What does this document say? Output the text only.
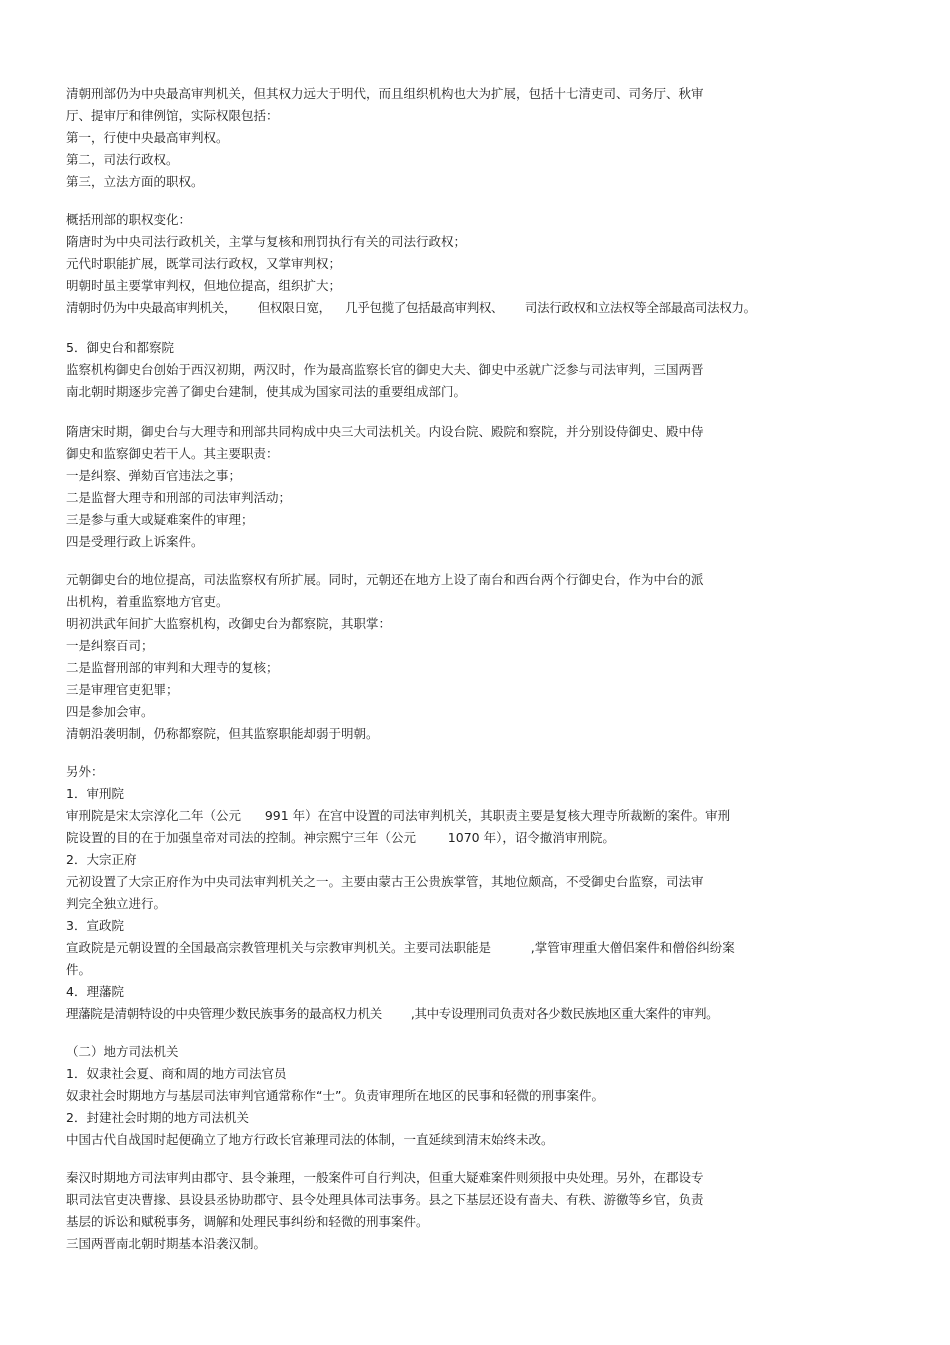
清朝刑部仍为中央最高审判机关，但其权力远大于明代，而且组织机构也大为扩展，包括十七清吏司、司务厅、秋审

厅、提审厅和律例馆，实际权限包括：

第一，行使中央最高审判权。

第二，司法行政权。

第三，立法方面的职权。

概括刑部的职权变化：

隋唐时为中央司法行政机关，主掌与复核和刑罚执行有关的司法行政权；

元代时职能扩展，既掌司法行政权，又掌审判权；

明朝时虽主要掌审判权，但地位提高，组织扩大；

清朝时仍为中央最高审判机关，      但权限日宽，    几乎包揽了包括最高审判权、      司法行政权和立法权等全部最高司法权力。

5．御史台和都察院

监察机构御史台创始于西汉初期，两汉时，作为最高监察长官的御史大夫、御史中丞就广泛参与司法审判，三国两晋

南北朝时期逐步完善了御史台建制，使其成为国家司法的重要组成部门。

隋唐宋时期，御史台与大理寺和刑部共同构成中央三大司法机关。内设台院、殿院和察院，并分别设侍御史、殿中侍

御史和监察御史若干人。其主要职责：

一是纠察、弹劾百官违法之事；

二是监督大理寺和刑部的司法审判活动；

三是参与重大或疑难案件的审理；

四是受理行政上诉案件。

元朝御史台的地位提高，司法监察权有所扩展。同时，元朝还在地方上设了南台和西台两个行御史台，作为中台的派

出机构，着重监察地方官吏。

明初洪武年间扩大监察机构，改御史台为都察院，其职掌：

一是纠察百司；

二是监督刑部的审判和大理寺的复核；

三是审理官吏犯罪；

四是参加会审。

清朝沿袭明制，仍称都察院，但其监察职能却弱于明朝。

另外：

1．审刑院

审刑院是宋太宗淳化二年（公元      991 年）在宫中设置的司法审判机关，其职责主要是复核大理寺所裁断的案件。审刑

院设置的目的在于加强皇帝对司法的控制。神宗熙宁三年（公元        1070 年），诏令撤消审刑院。

2．大宗正府

元初设置了大宗正府作为中央司法审判机关之一。主要由蒙古王公贵族掌管，其地位颇高，不受御史台监察，司法审

判完全独立进行。

3．宣政院

宣政院是元朝设置的全国最高宗教管理机关与宗教审判机关。主要司法职能是          ,掌管审理重大僧侣案件和僧俗纠纷案

件。

4．理藩院

理藩院是清朝特设的中央管理少数民族事务的最高权力机关        ,其中专设理刑司负责对各少数民族地区重大案件的审判。

（二）地方司法机关

1．奴隶社会夏、商和周的地方司法官员

奴隶社会时期地方与基层司法审判官通常称作“士”。负责审理所在地区的民事和轻微的刑事案件。

2．封建社会时期的地方司法机关

中国古代自战国时起便确立了地方行政长官兼理司法的体制，一直延续到清末始终未改。

秦汉时期地方司法审判由郡守、县令兼理，一般案件可自行判决，但重大疑难案件则须报中央处理。另外，在郡设专

职司法官吏决曹掾、县设县丞协助郡守、县令处理具体司法事务。县之下基层还设有啬夫、有秩、游徼等乡官，负责

基层的诉讼和赋税事务，调解和处理民事纠纷和轻微的刑事案件。

三国两晋南北朝时期基本沿袭汉制。
